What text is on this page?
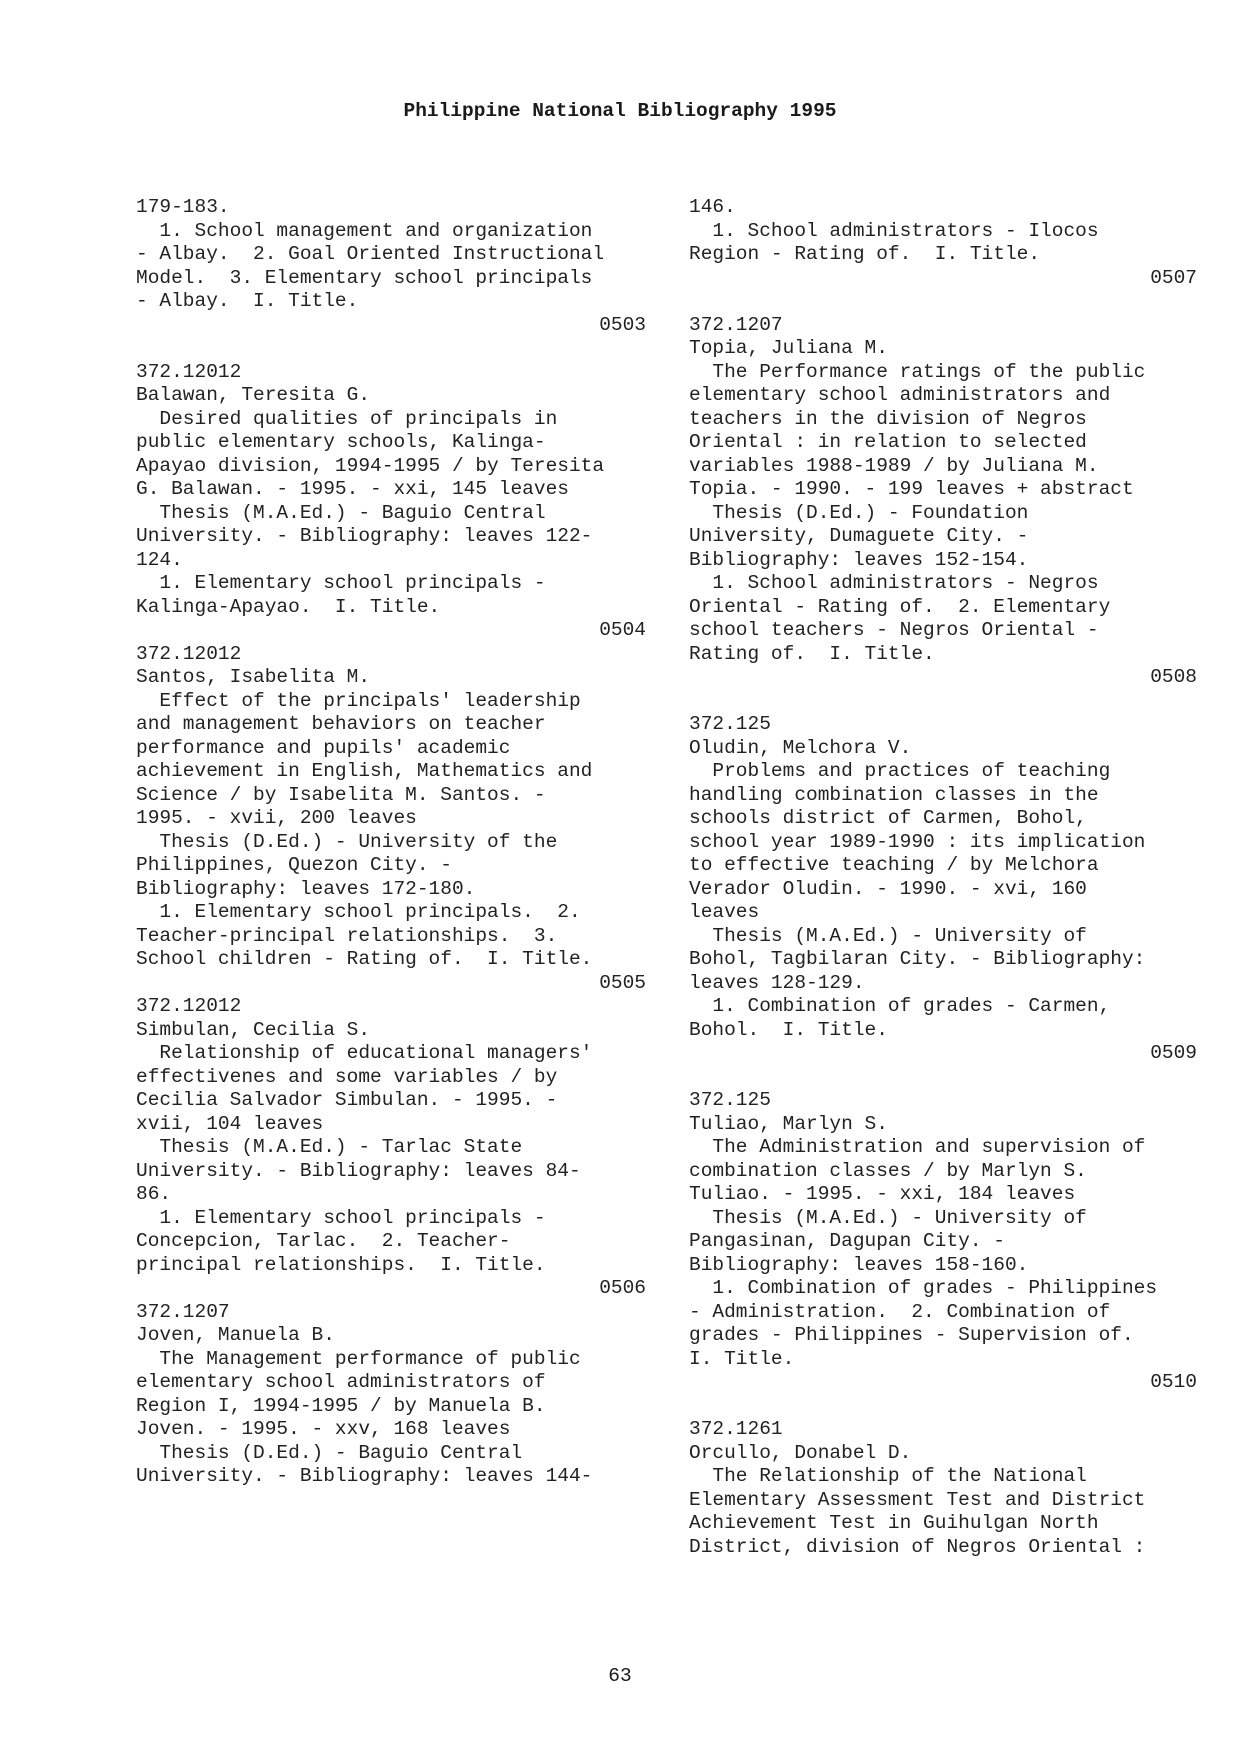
Philippine National Bibliography 1995
179-183.
1. School management and organization
- Albay.  2. Goal Oriented Instructional
Model.  3. Elementary school principals
- Albay.  I. Title.
0503
372.12012
Balawan, Teresita G.
Desired qualities of principals in
public elementary schools, Kalinga-
Apayao division, 1994-1995 / by Teresita
G. Balawan. - 1995. - xxi, 145 leaves
Thesis (M.A.Ed.) - Baguio Central
University. - Bibliography: leaves 122-
124.
1. Elementary school principals -
Kalinga-Apayao.  I. Title.
0504
372.12012
Santos, Isabelita M.
Effect of the principals' leadership
and management behaviors on teacher
performance and pupils' academic
achievement in English, Mathematics and
Science / by Isabelita M. Santos. -
1995. - xvii, 200 leaves
Thesis (D.Ed.) - University of the
Philippines, Quezon City. -
Bibliography: leaves 172-180.
1. Elementary school principals.  2.
Teacher-principal relationships.  3.
School children - Rating of.  I. Title.
0505
372.12012
Simbulan, Cecilia S.
Relationship of educational managers'
effectivenes and some variables / by
Cecilia Salvador Simbulan. - 1995. -
xvii, 104 leaves
Thesis (M.A.Ed.) - Tarlac State
University. - Bibliography: leaves 84-
86.
1. Elementary school principals -
Concepcion, Tarlac.  2. Teacher-
principal relationships.  I. Title.
0506
372.1207
Joven, Manuela B.
The Management performance of public
elementary school administrators of
Region I, 1994-1995 / by Manuela B.
Joven. - 1995. - xxv, 168 leaves
Thesis (D.Ed.) - Baguio Central
University. - Bibliography: leaves 144-
146.
1. School administrators - Ilocos
Region - Rating of.  I. Title.
0507
372.1207
Topia, Juliana M.
The Performance ratings of the public
elementary school administrators and
teachers in the division of Negros
Oriental : in relation to selected
variables 1988-1989 / by Juliana M.
Topia. - 1990. - 199 leaves + abstract
Thesis (D.Ed.) - Foundation
University, Dumaguete City. -
Bibliography: leaves 152-154.
1. School administrators - Negros
Oriental - Rating of.  2. Elementary
school teachers - Negros Oriental -
Rating of.  I. Title.
0508
372.125
Oludin, Melchora V.
Problems and practices of teaching
handling combination classes in the
schools district of Carmen, Bohol,
school year 1989-1990 : its implication
to effective teaching / by Melchora
Verador Oludin. - 1990. - xvi, 160
leaves
Thesis (M.A.Ed.) - University of
Bohol, Tagbilaran City. - Bibliography:
leaves 128-129.
1. Combination of grades - Carmen,
Bohol.  I. Title.
0509
372.125
Tuliao, Marlyn S.
The Administration and supervision of
combination classes / by Marlyn S.
Tuliao. - 1995. - xxi, 184 leaves
Thesis (M.A.Ed.) - University of
Pangasinan, Dagupan City. -
Bibliography: leaves 158-160.
1. Combination of grades - Philippines
- Administration.  2. Combination of
grades - Philippines - Supervision of.
I. Title.
0510
372.1261
Orcullo, Donabel D.
The Relationship of the National
Elementary Assessment Test and District
Achievement Test in Guihulgan North
District, division of Negros Oriental :
63
